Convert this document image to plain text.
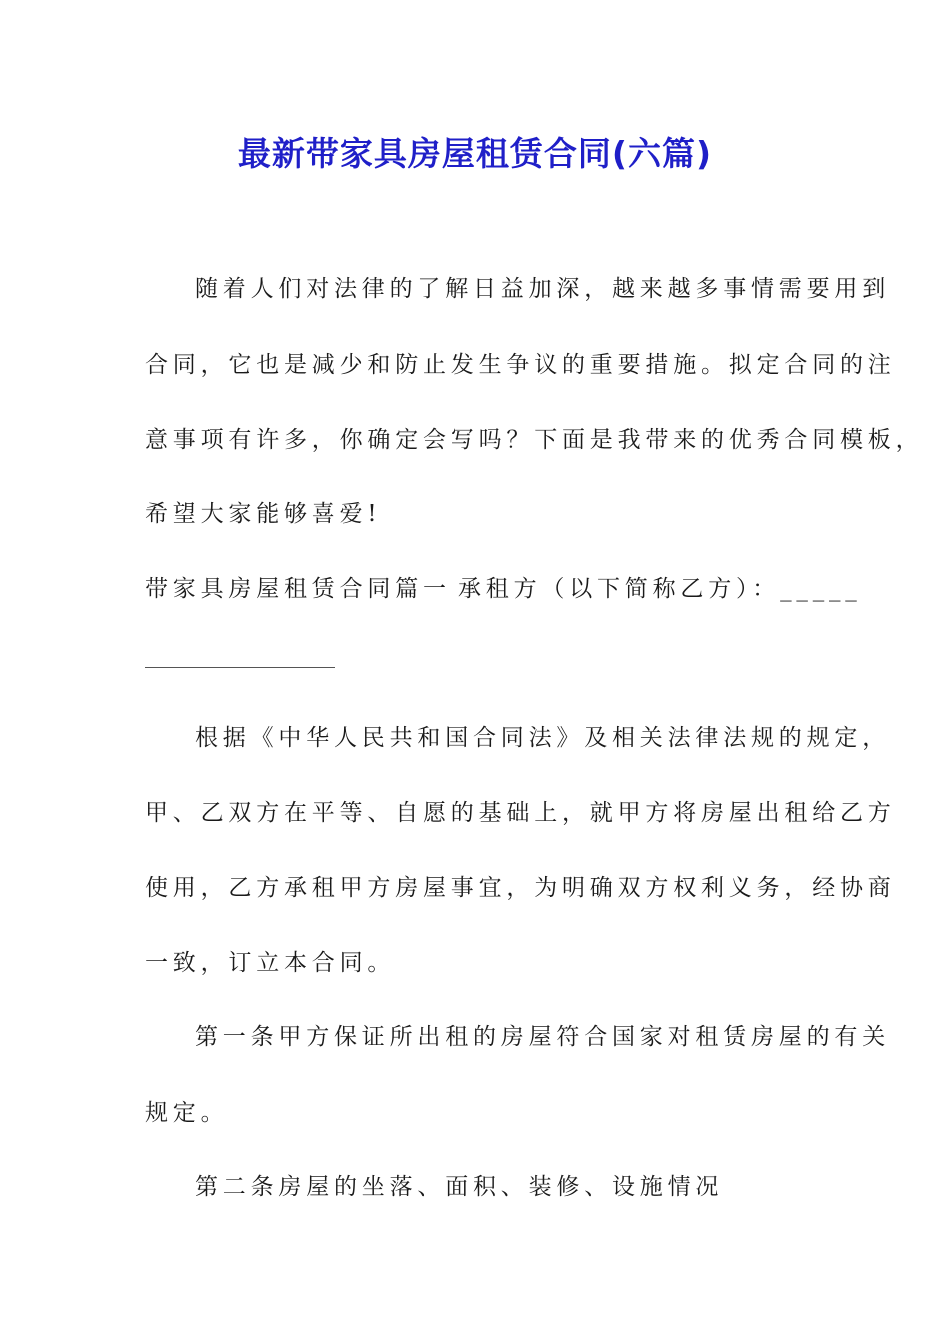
最新带家具房屋租赁合同(六篇)

随着人们对法律的了解日益加深，越来越多事情需要用到

合同，它也是减少和防止发生争议的重要措施。拟定合同的注

意事项有许多，你确定会写吗？下面是我带来的优秀合同模板，

希望大家能够喜爱!

带家具房屋租赁合同篇一 承租方（以下简称乙方）：_____

根据《中华人民共和国合同法》及相关法律法规的规定，

甲、乙双方在平等、自愿的基础上，就甲方将房屋出租给乙方

使用，乙方承租甲方房屋事宜，为明确双方权利义务，经协商

一致，订立本合同。

第一条甲方保证所出租的房屋符合国家对租赁房屋的有关

规定。

第二条房屋的坐落、面积、装修、设施情况
